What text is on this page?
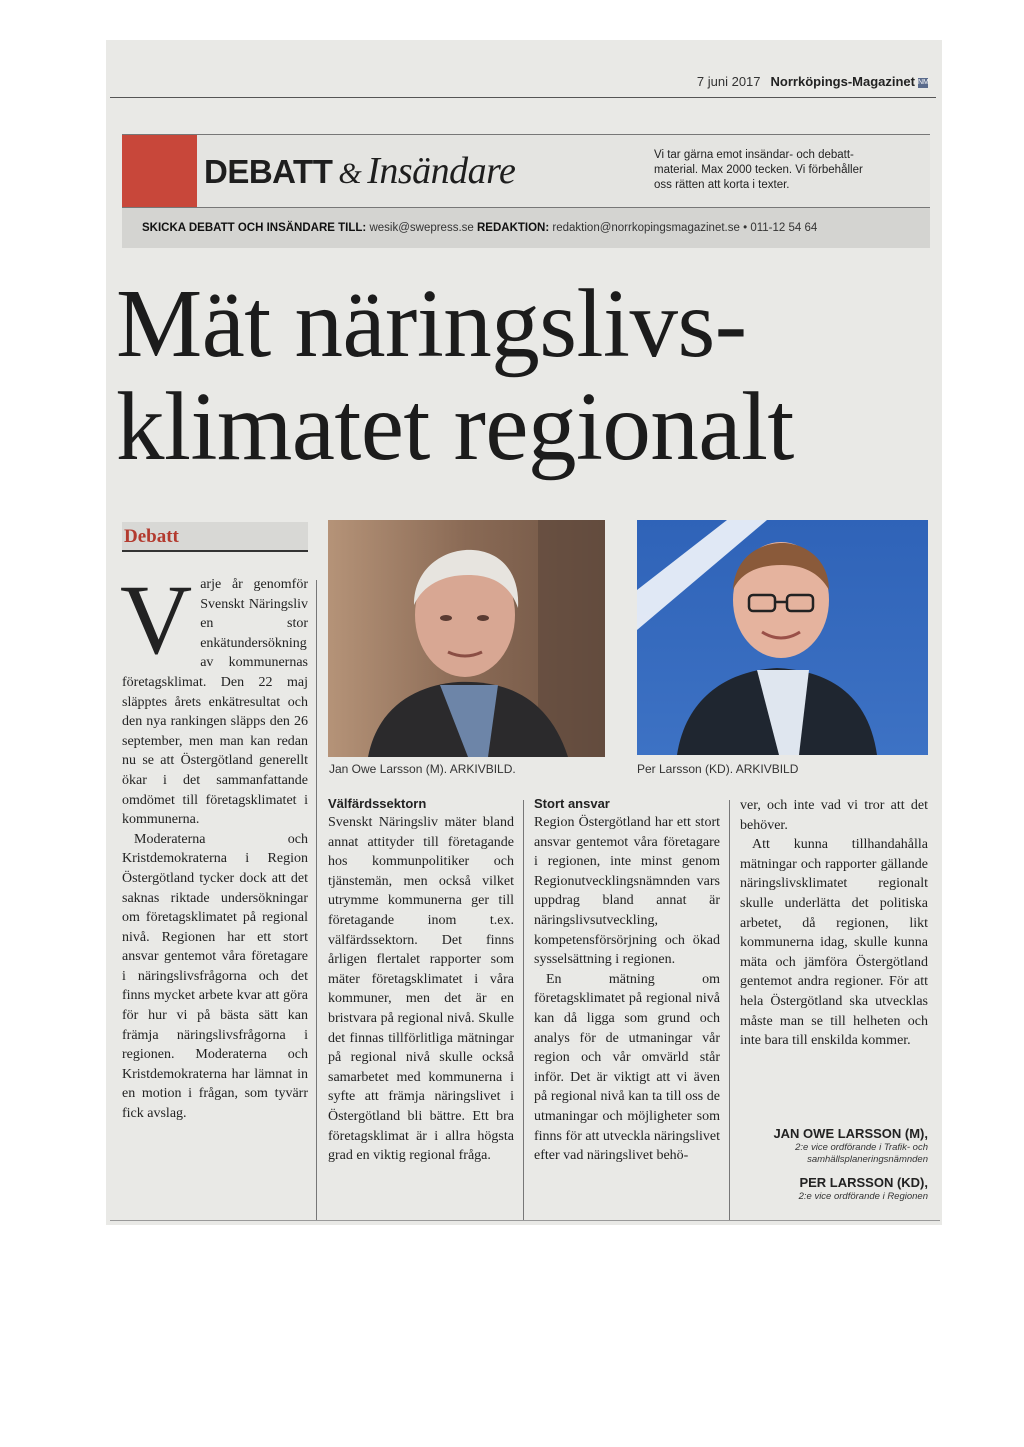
7 juni 2017 Norrköpings-Magazinet NM
DEBATT & Insändare	Vi tar gärna emot insändar- och debatt-
material. Max 2000 tecken. Vi förbehåller
oss rätten att korta i texter.
SKICKA DEBATT OCH INSÄNDARE TILL: wesik@swepress.se REDAKTION: redaktion@norrkopingsmagazinet.se • 011-12 54 64
Mät näringslivs-
klimatet regionalt
Debatt
Jan Owe Larsson (M). ARKIVBILD.	Per Larsson (KD). ARKIVBILD
V arje år genomför Svenskt Näringsliv en stor enkätundersökning av kommunernas företagsklimat. Den 22 maj släpptes årets enkätresultat och den nya rankingen släpps den 26 september, men man kan redan nu se att Östergötland generellt ökar i det sammanfattande omdömet till företagsklimatet i kommunerna.

Moderaterna och Kristdemokraterna i Region Östergötland tycker dock att det saknas riktade undersökningar om företagsklimatet på regional nivå. Regionen har ett stort ansvar gentemot våra företagare i näringslivsfrågorna och det finns mycket arbete kvar att göra för hur vi på bästa sätt kan främja näringslivsfrågorna i regionen. Moderaterna och Kristdemokraterna har lämnat in en motion i frågan, som tyvärr fick avslag.

Välfärdssektorn

Svenskt Näringsliv mäter bland annat attityder till företagande hos kommunpolitiker och tjänstemän, men också vilket utrymme kommunerna ger till företagande inom t.ex. välfärdssektorn. Det finns årligen flertalet rapporter som mäter företagsklimatet i våra kommuner, men det är en bristvara på regional nivå. Skulle det finnas tillförlitliga mätningar på regional nivå skulle också samarbetet med kommunerna i syfte att främja näringslivet i Östergötland bli bättre. Ett bra företagsklimat är i allra högsta grad en viktig regional fråga.

Stort ansvar

Region Östergötland har ett stort ansvar gentemot våra företagare i regionen, inte minst genom Regionutvecklingsnämnden vars uppdrag bland annat är näringslivsutveckling, kompetensförsörjning och ökad sysselsättning i regionen.

En mätning om företagsklimatet på regional nivå kan då ligga som grund och analys för de utmaningar vår region och vår omvärld står inför. Det är viktigt att vi även på regional nivå kan ta till oss de utmaningar och möjligheter som finns för att utveckla näringslivet efter vad näringslivet behö-

ver, och inte vad vi tror att det behöver.

Att kunna tillhandahålla mätningar och rapporter gällande näringslivsklimatet regionalt skulle underlätta det politiska arbetet, då regionen, likt kommunerna idag, skulle kunna mäta och jämföra Östergötland gentemot andra regioner. För att hela Östergötland ska utvecklas måste man se till helheten och inte bara till enskilda kommer.

JAN OWE LARSSON (M),
2:e vice ordförande i Trafik- och
samhällsplaneringsnämnden
PER LARSSON (KD),
2:e vice ordförande i Regionen
